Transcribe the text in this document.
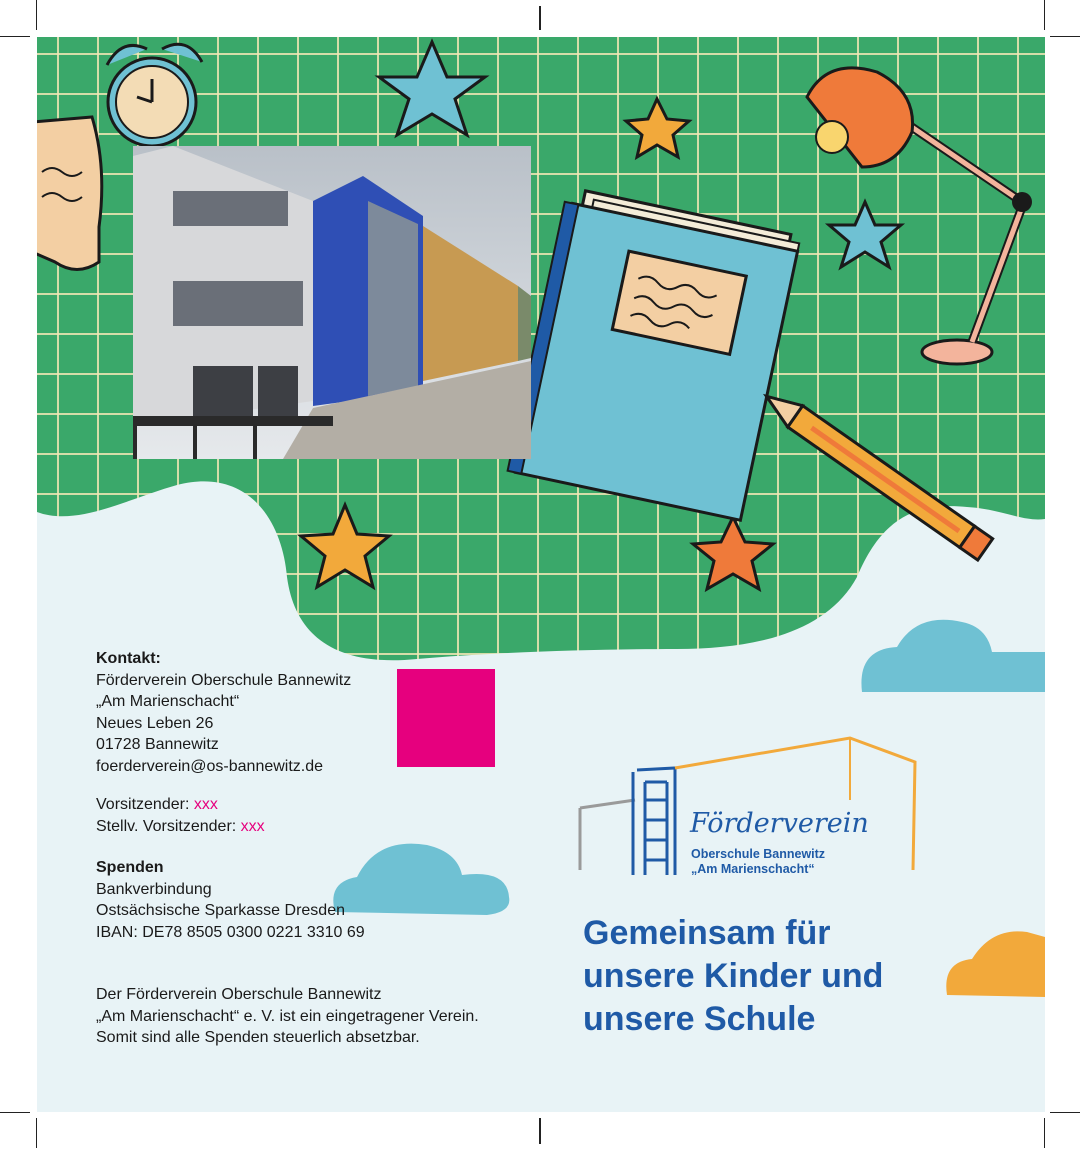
Kontakt:
Förderverein Oberschule Bannewitz
„Am Marienschacht“
Neues Leben 26
01728 Bannewitz
foerderverein@os-bannewitz.de
Vorsitzender: xxx
Stellv. Vorsitzender: xxx
Spenden
Bankverbindung
Ostsächsische Sparkasse Dresden
IBAN: DE78 8505 0300 0221 3310 69
Der Förderverein Oberschule Bannewitz
„Am Marienschacht“ e. V. ist ein eingetragener Verein.
Somit sind alle Spenden steuerlich absetzbar.
Förderverein
Oberschule Bannewitz
„Am Marienschacht“
Gemeinsam für
unsere Kinder und
unsere Schule
